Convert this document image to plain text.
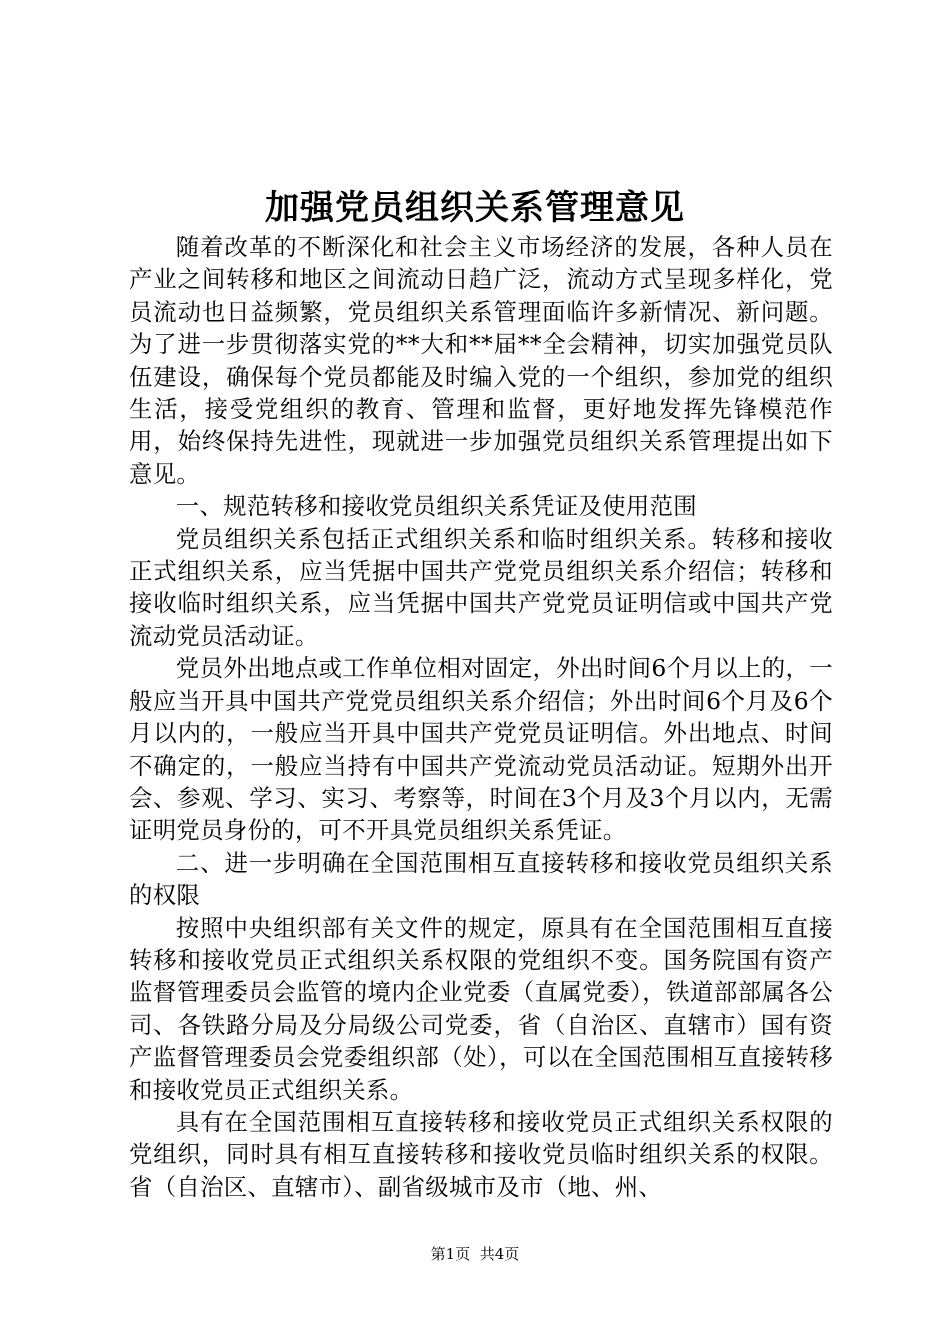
加强党员组织关系管理意见

随着改革的不断深化和社会主义市场经济的发展，各种人员在产业之间转移和地区之间流动日趋广泛，流动方式呈现多样化，党员流动也日益频繁，党员组织关系管理面临许多新情况、新问题。为了进一步贯彻落实党的**大和**届**全会精神，切实加强党员队伍建设，确保每个党员都能及时编入党的一个组织，参加党的组织生活，接受党组织的教育、管理和监督，更好地发挥先锋模范作用，始终保持先进性，现就进一步加强党员组织关系管理提出如下意见。

一、规范转移和接收党员组织关系凭证及使用范围

党员组织关系包括正式组织关系和临时组织关系。转移和接收正式组织关系，应当凭据中国共产党党员组织关系介绍信；转移和接收临时组织关系，应当凭据中国共产党党员证明信或中国共产党流动党员活动证。

党员外出地点或工作单位相对固定，外出时间6个月以上的，一般应当开具中国共产党党员组织关系介绍信；外出时间6个月及6个月以内的，一般应当开具中国共产党党员证明信。外出地点、时间不确定的，一般应当持有中国共产党流动党员活动证。短期外出开会、参观、学习、实习、考察等，时间在3个月及3个月以内，无需证明党员身份的，可不开具党员组织关系凭证。

二、进一步明确在全国范围相互直接转移和接收党员组织关系的权限

按照中央组织部有关文件的规定，原具有在全国范围相互直接转移和接收党员正式组织关系权限的党组织不变。国务院国有资产监督管理委员会监管的境内企业党委（直属党委），铁道部部属各公司、各铁路分局及分局级公司党委，省（自治区、直辖市）国有资产监督管理委员会党委组织部（处），可以在全国范围相互直接转移和接收党员正式组织关系。

具有在全国范围相互直接转移和接收党员正式组织关系权限的党组织，同时具有相互直接转移和接收党员临时组织关系的权限。省（自治区、直辖市）、副省级城市及市（地、州、

第1页 共4页
